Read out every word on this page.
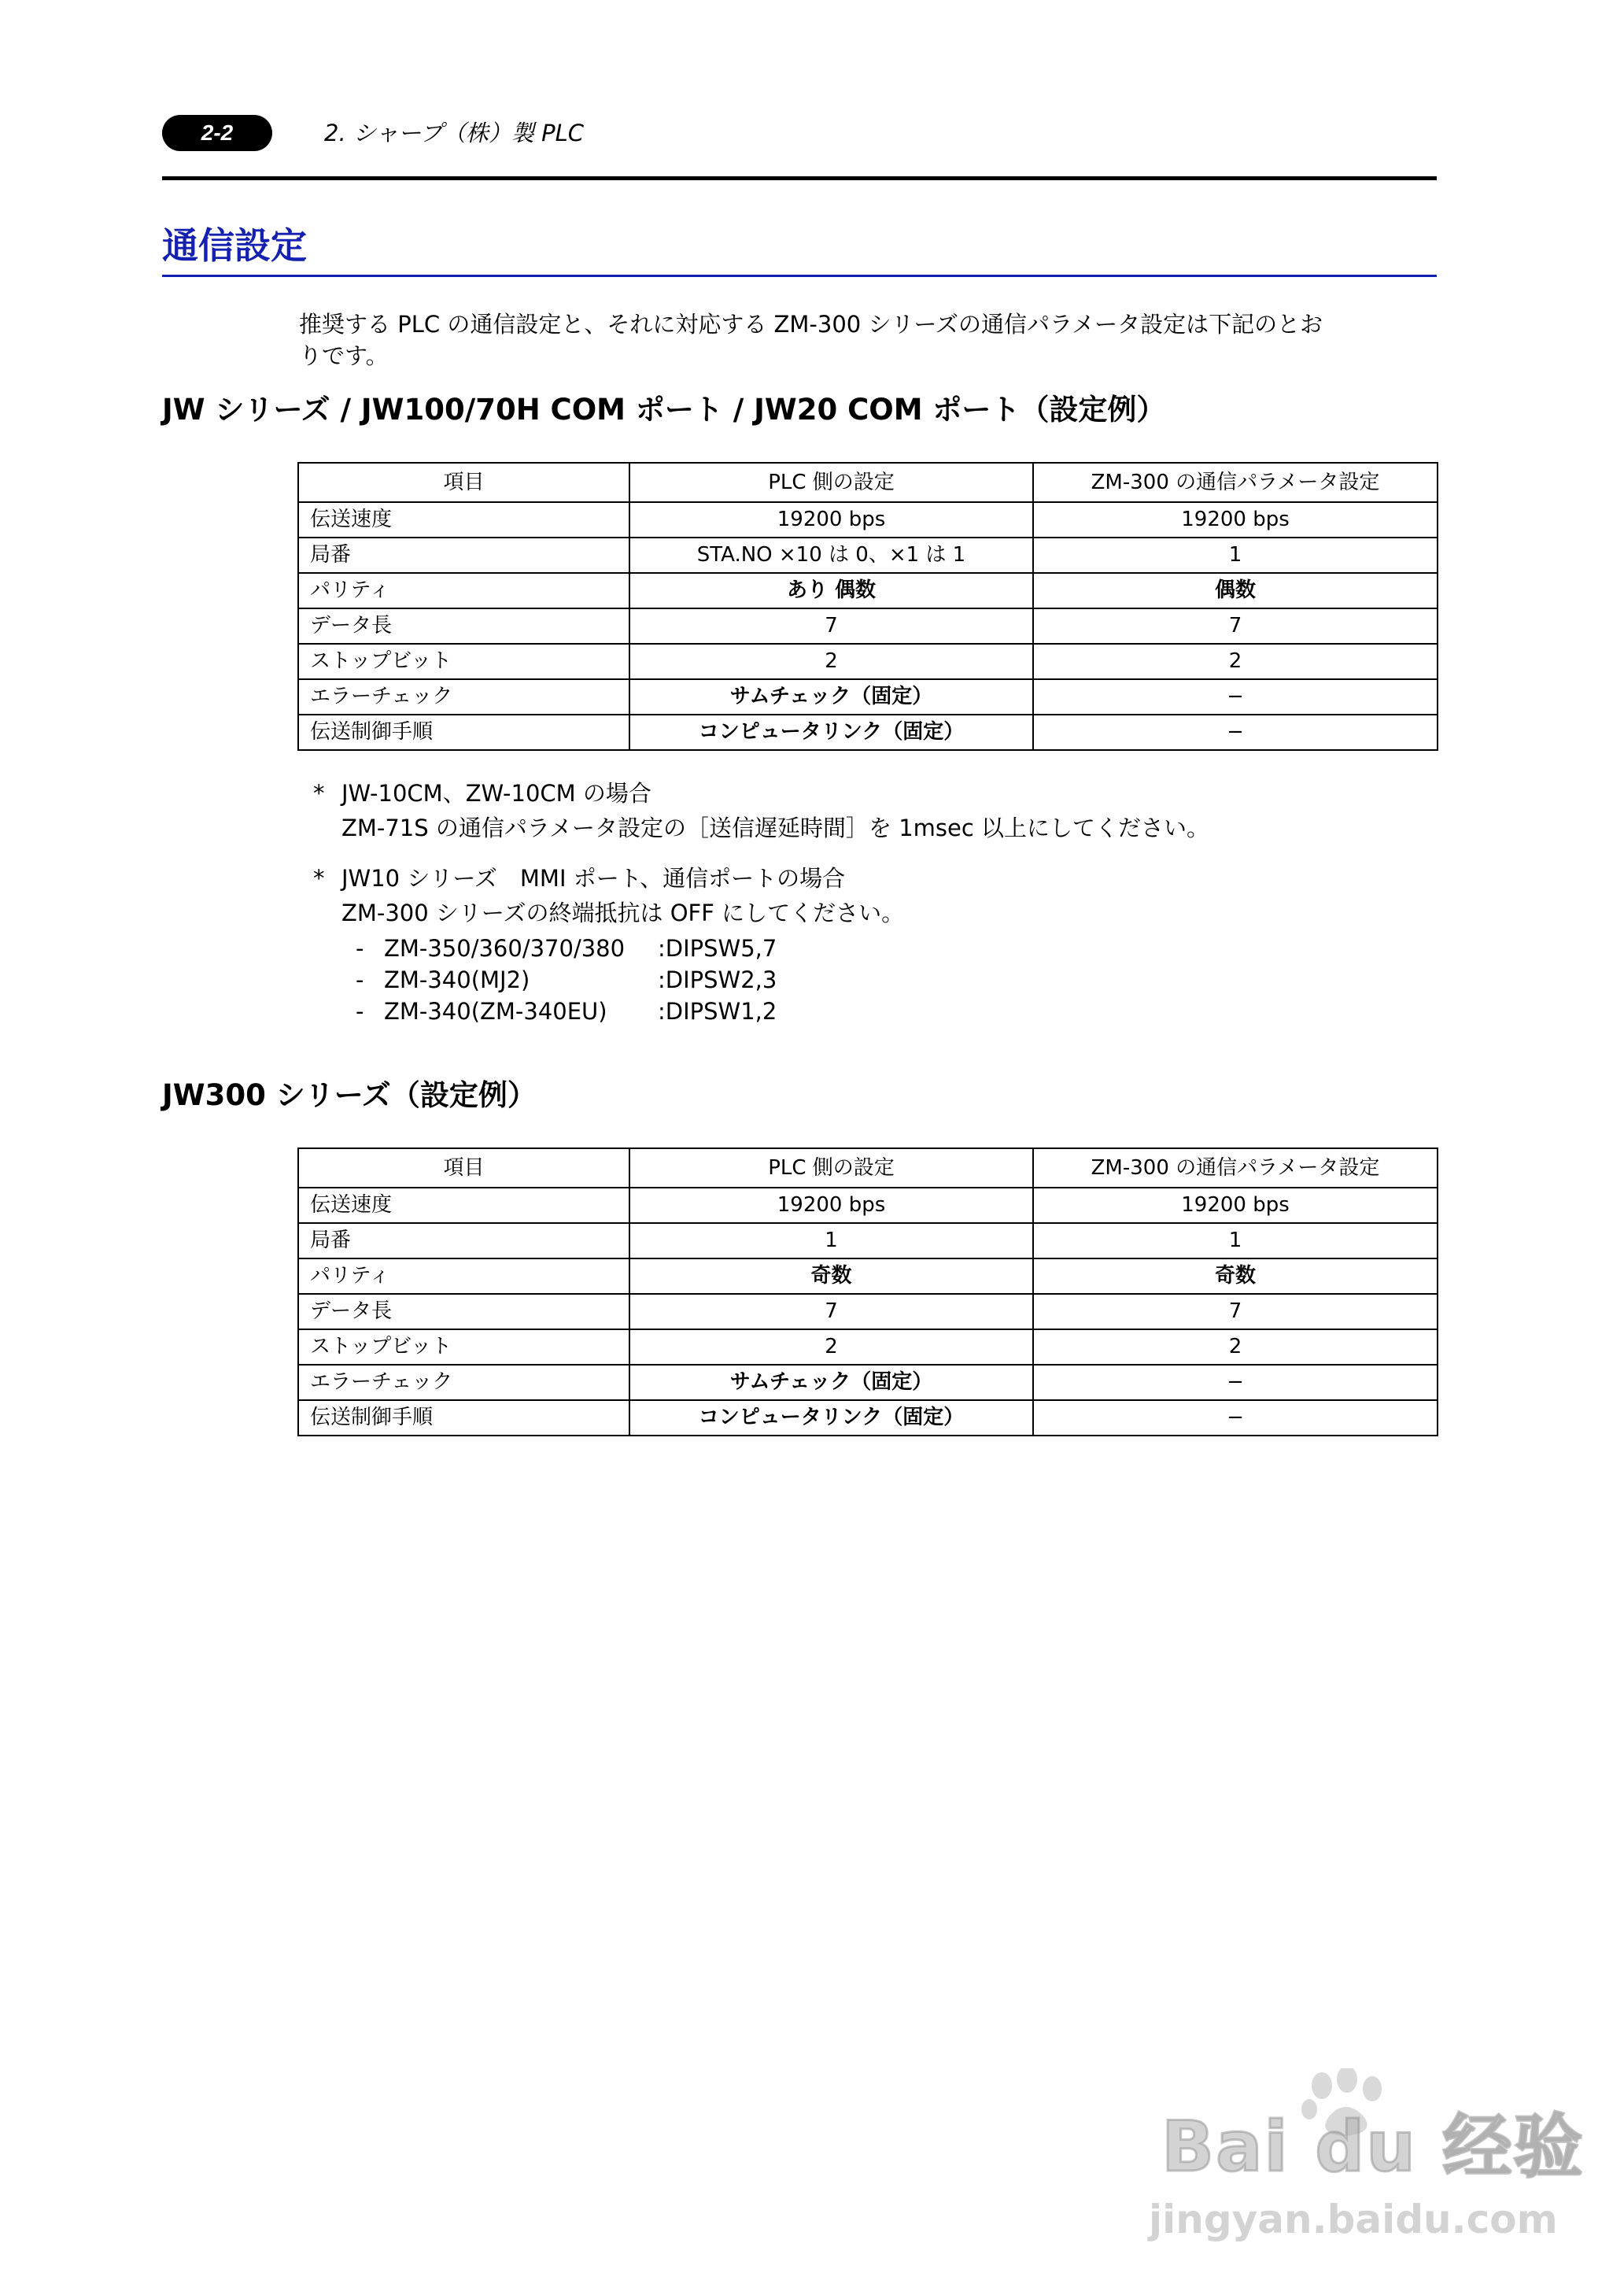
2-2	2. シャープ（株）製 PLC
通信設定
推奨する PLC の通信設定と、それに対応する ZM-300 シリーズの通信パラメータ設定は下記のとお
りです。
JW シリーズ / JW100/70H COM ポート / JW20 COM ポート（設定例）
項目	PLC 側の設定	ZM-300 の通信パラメータ設定
伝送速度	19200 bps	19200 bps
局番	STA.NO ×10 は 0、×1 は 1	1
パリティ	あり 偶数	偶数
データ長	7	7
ストップビット	2	2
エラーチェック	サムチェック（固定）	−
伝送制御手順	コンピュータリンク（固定）	−
* JW-10CM、ZW-10CM の場合
ZM-71S の通信パラメータ設定の［送信遅延時間］を 1msec 以上にしてください。
* JW10 シリーズ　MMI ポート、通信ポートの場合
ZM-300 シリーズの終端抵抗は OFF にしてください。
- ZM-350/360/370/380 :DIPSW5,7
- ZM-340(MJ2)	:DIPSW2,3
- ZM-340(ZM-340EU) :DIPSW1,2
JW300 シリーズ（設定例）
項目	PLC 側の設定	ZM-300 の通信パラメータ設定
伝送速度	19200 bps	19200 bps
局番	1	1
パリティ	奇数	奇数
データ長	7	7
ストップビット	2	2
エラーチェック	サムチェック（固定）	−
伝送制御手順	コンピュータリンク（固定）	−
Bai du 经验
jingyan.baidu.com
